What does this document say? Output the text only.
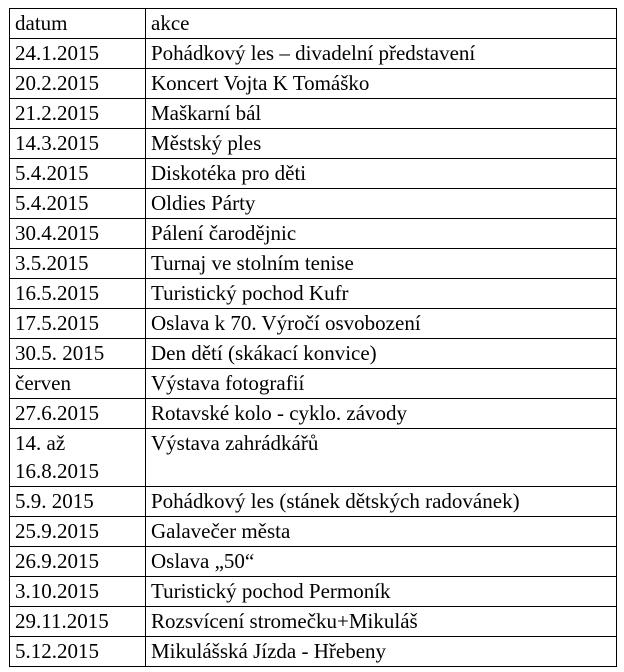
datum	akce
24.1.2015	Pohádkový les – divadelní představení
20.2.2015	Koncert Vojta K Tomáško
21.2.2015	Maškarní bál
14.3.2015	Městský ples
5.4.2015	Diskotéka pro děti
5.4.2015	Oldies Párty
30.4.2015	Pálení čarodějnic
3.5.2015	Turnaj ve stolním tenise
16.5.2015	Turistický pochod Kufr
17.5.2015	Oslava k 70. Výročí osvobození
30.5. 2015	Den dětí (skákací konvice)
červen	Výstava fotografií
27.6.2015	Rotavské kolo - cyklo. závody
14. až 16.8.2015	Výstava zahrádkářů
5.9. 2015	Pohádkový les (stánek dětských radovánek)
25.9.2015	Galavečer města
26.9.2015	Oslava „50“
3.10.2015	Turistický pochod Permoník
29.11.2015	Rozsvícení stromečku+Mikuláš
5.12.2015	Mikulášská Jízda - Hřebeny
